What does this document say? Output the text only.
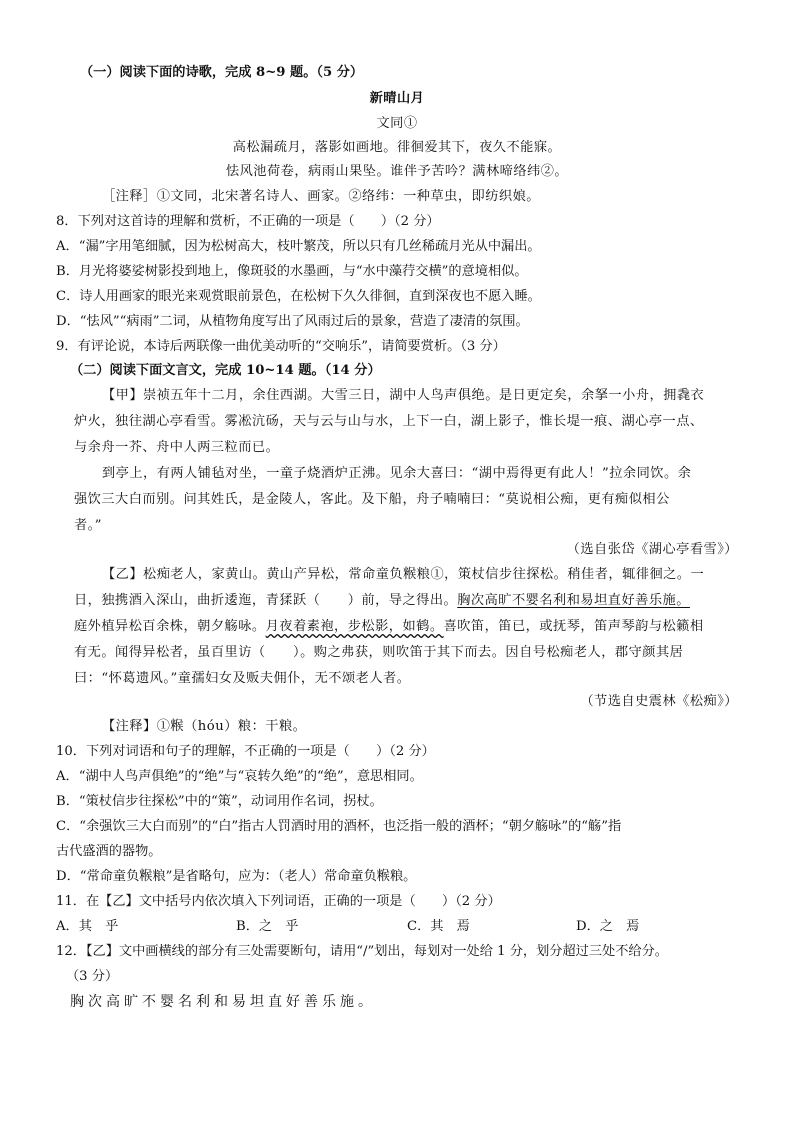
（一）阅读下面的诗歌，完成 8~9 题。（5 分）
新晴山月
文同①
高松漏疏月，落影如画地。徘徊爱其下，夜久不能寐。
怯风池荷卷，病雨山果坠。谁伴予苦吟？满林啼络纬②。
［注释］①文同，北宋著名诗人、画家。②络纬：一种草虫，即纺织娘。
8．下列对这首诗的理解和赏析，不正确的一项是（　　）（2 分）
A．“漏”字用笔细腻，因为松树高大，枝叶繁茂，所以只有几丝稀疏月光从中漏出。
B．月光将婆娑树影投到地上，像斑驳的水墨画，与“水中藻荇交横”的意境相似。
C．诗人用画家的眼光来观赏眼前景色，在松树下久久徘徊，直到深夜也不愿入睡。
D．“怯风”“病雨”二词，从植物角度写出了风雨过后的景象，营造了凄清的氛围。
9．有评论说，本诗后两联像一曲优美动听的“交响乐”，请简要赏析。（3 分）
（二）阅读下面文言文，完成 10~14 题。（14 分）
【甲】崇祯五年十二月，余住西湖。大雪三日，湖中人鸟声俱绝。是日更定矣，余拏一小舟，拥毳衣
炉火，独往湖心亭看雪。雾凇沆砀，天与云与山与水，上下一白，湖上影子，惟长堤一痕、湖心亭一点、
与余舟一芥、舟中人两三粒而已。
到亭上，有两人铺毡对坐，一童子烧酒炉正沸。见余大喜曰：“湖中焉得更有此人！”拉余同饮。余
强饮三大白而别。问其姓氏，是金陵人，客此。及下船，舟子喃喃曰：“莫说相公痴，更有痴似相公
者。”
（选自张岱《湖心亭看雪》）
【乙】松痴老人，家黄山。黄山产异松，常命童负糇粮①，策杖信步往探松。稍佳者，辄徘徊之。一
日，独携酒入深山，曲折逶迤，青猱跃（　　）前，导之得出。胸次高旷不婴名利和易坦直好善乐施。
庭外植异松百余株，朝夕觞咏。月夜着素袍，步松影，如鹤。喜吹笛，笛已，或抚琴，笛声琴韵与松籁相
有无。闻得异松者，虽百里访（　　）。购之弗获，则吹笛于其下而去。因自号松痴老人，郡守颜其居
曰：“怀葛遗风。”童孺妇女及贩夫佣仆，无不颂老人者。
（节选自史震林《松痴》）
【注释】①糇（hóu）粮：干粮。
10．下列对词语和句子的理解，不正确的一项是（　　）（2 分）
A．“湖中人鸟声俱绝”的“绝”与“哀转久绝”的“绝”，意思相同。
B．“策杖信步往探松”中的“策”，动词用作名词，拐杖。
C．“余强饮三大白而别”的“白”指古人罚酒时用的酒杯，也泛指一般的酒杯；“朝夕觞咏”的“觞”指
古代盛酒的器物。
D．“常命童负糇粮”是省略句，应为：（老人）常命童负糇粮。
11．在【乙】文中括号内依次填入下列词语，正确的一项是（　　）（2 分）
A．其　乎	B．之　乎	C．其　焉	D．之　焉
12．【乙】文中画横线的部分有三处需要断句，请用“/”划出，每划对一处给 1 分，划分超过三处不给分。
（3 分）
胸次高旷不婴名利和易坦直好善乐施。
